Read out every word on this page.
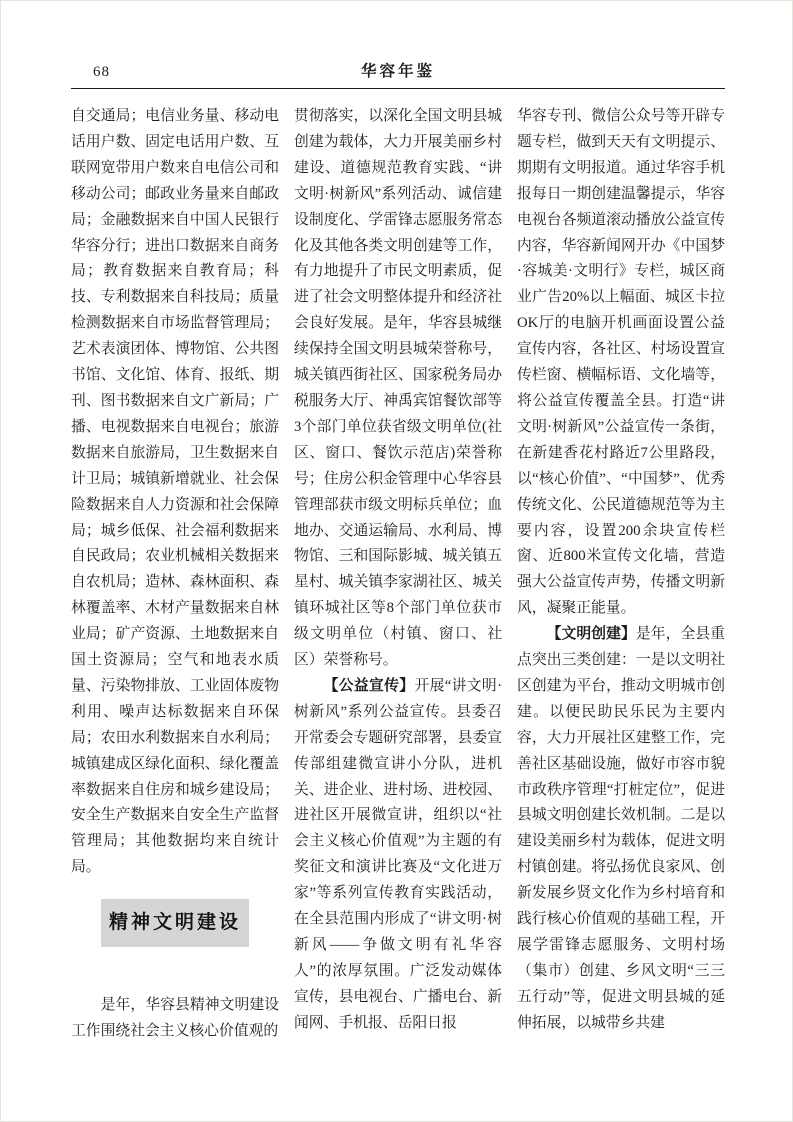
68	华容年鉴

自交通局；电信业务量、移动电话用户数、固定电话用户数、互联网宽带用户数来自电信公司和移动公司；邮政业务量来自邮政局；金融数据来自中国人民银行华容分行；进出口数据来自商务局；教育数据来自教育局；科技、专利数据来自科技局；质量检测数据来自市场监督管理局；艺术表演团体、博物馆、公共图书馆、文化馆、体育、报纸、期刊、图书数据来自文广新局；广播、电视数据来自电视台；旅游数据来自旅游局，卫生数据来自计卫局；城镇新增就业、社会保险数据来自人力资源和社会保障局；城乡低保、社会福利数据来自民政局；农业机械相关数据来自农机局；造林、森林面积、森林覆盖率、木材产量数据来自林业局；矿产资源、土地数据来自国土资源局；空气和地表水质量、污染物排放、工业固体废物利用、噪声达标数据来自环保局；农田水利数据来自水利局；城镇建成区绿化面积、绿化覆盖率数据来自住房和城乡建设局；安全生产数据来自安全生产监督管理局；其他数据均来自统计局。

精神文明建设

是年，华容县精神文明建设工作围绕社会主义核心价值观的

贯彻落实，以深化全国文明县城创建为载体，大力开展美丽乡村建设、道德规范教育实践、“讲文明·树新风”系列活动、诚信建设制度化、学雷锋志愿服务常态化及其他各类文明创建等工作，有力地提升了市民文明素质，促进了社会文明整体提升和经济社会良好发展。是年，华容县城继续保持全国文明县城荣誉称号，城关镇西街社区、国家税务局办税服务大厅、神禹宾馆餐饮部等3个部门单位获省级文明单位(社区、窗口、餐饮示范店)荣誉称号；住房公积金管理中心华容县管理部获市级文明标兵单位；血地办、交通运输局、水利局、博物馆、三和国际影城、城关镇五星村、城关镇李家湖社区、城关镇环城社区等8个部门单位获市级文明单位（村镇、窗口、社区）荣誉称号。

【公益宣传】开展“讲文明·树新风”系列公益宣传。县委召开常委会专题研究部署，县委宣传部组建微宣讲小分队，进机关、进企业、进村场、进校园、进社区开展微宣讲，组织以“社会主义核心价值观”为主题的有奖征文和演讲比赛及“文化进万家”等系列宣传教育实践活动，在全县范围内形成了“讲文明·树新风——争做文明有礼华容人”的浓厚氛围。广泛发动媒体宣传，县电视台、广播电台、新闻网、手机报、岳阳日报

华容专刊、微信公众号等开辟专题专栏，做到天天有文明提示、期期有文明报道。通过华容手机报每日一期创建温馨提示，华容电视台各频道滚动播放公益宣传内容，华容新闻网开办《中国梦·容城美·文明行》专栏，城区商业广告20%以上幅面、城区卡拉OK厅的电脑开机画面设置公益宣传内容，各社区、村场设置宣传栏窗、横幅标语、文化墙等，将公益宣传覆盖全县。打造“讲文明·树新风”公益宣传一条街，在新建香花村路近7公里路段，以“核心价值”、“中国梦”、优秀传统文化、公民道德规范等为主要内容，设置200余块宣传栏窗、近800米宣传文化墙，营造强大公益宣传声势，传播文明新风，凝聚正能量。

【文明创建】是年，全县重点突出三类创建：一是以文明社区创建为平台，推动文明城市创建。以便民助民乐民为主要内容，大力开展社区建整工作，完善社区基础设施，做好市容市貌市政秩序管理“打桩定位”，促进县城文明创建长效机制。二是以建设美丽乡村为载体，促进文明村镇创建。将弘扬优良家风、创新发展乡贤文化作为乡村培育和践行核心价值观的基础工程，开展学雷锋志愿服务、文明村场（集市）创建、乡风文明“三三五行动”等，促进文明县城的延伸拓展，以城带乡共建
